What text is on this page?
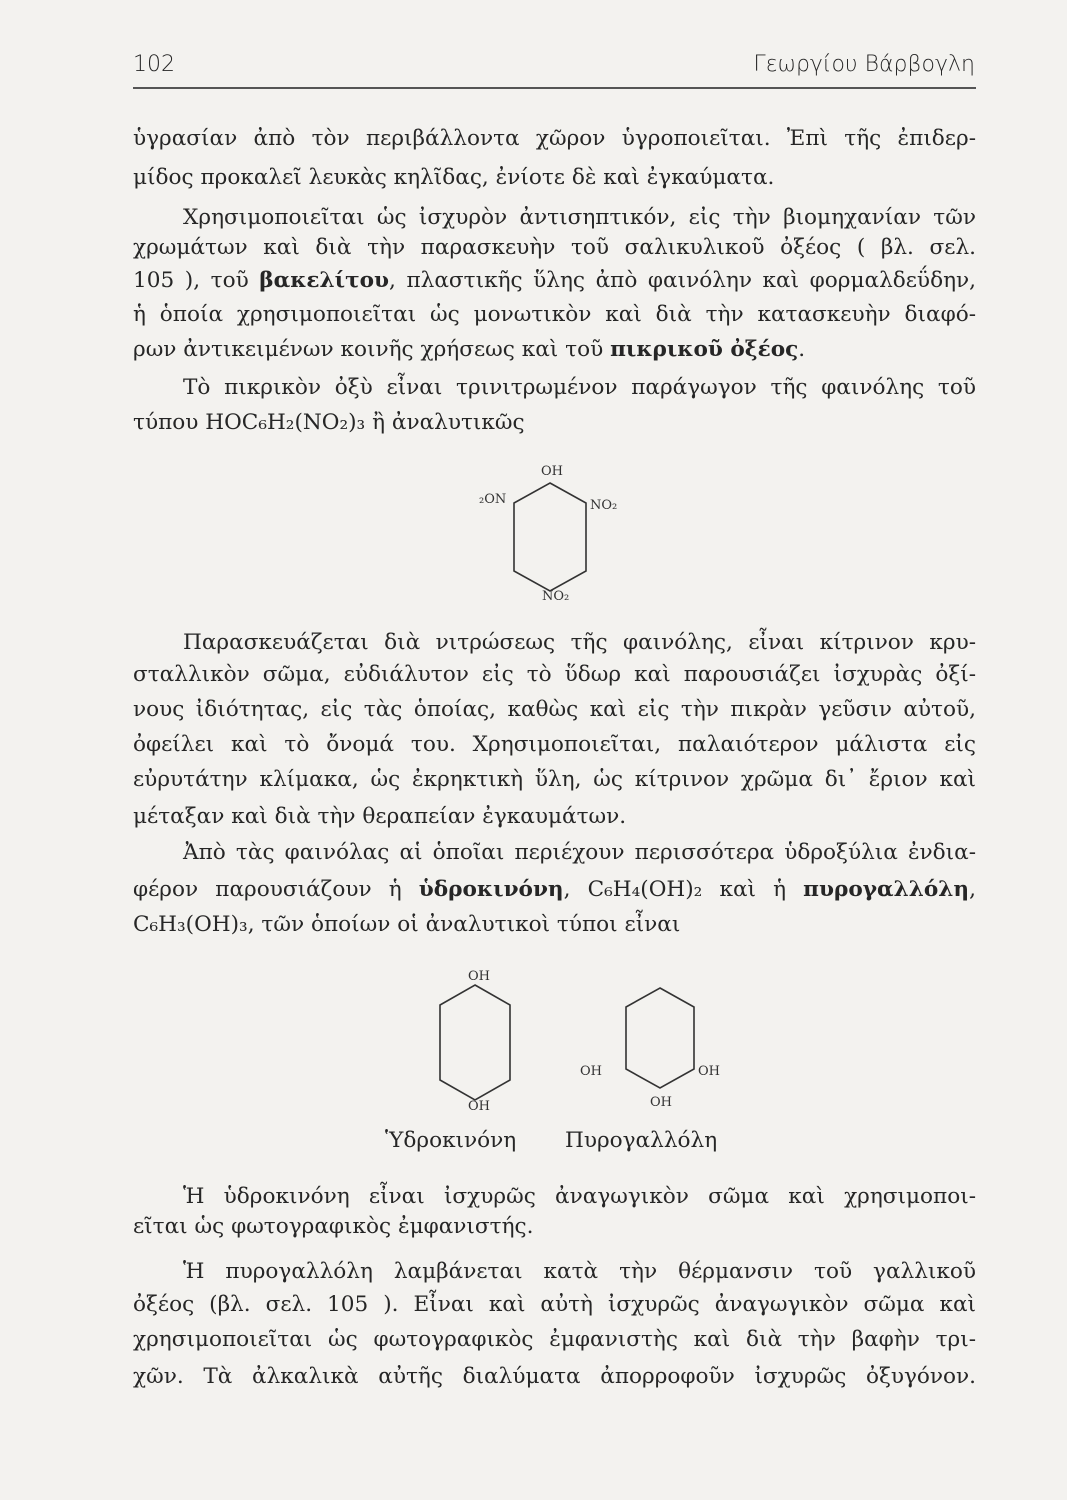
102	Γεωργίου Βάρβογλη
ὑγρασίαν ἀπὸ τὸν περιβάλλοντα χῶρον ὑγροποιεῖται. Ἐπὶ τῆς ἐπιδερ-
μίδος προκαλεῖ λευκὰς κηλῖδας, ἐνίοτε δὲ καὶ ἐγκαύματα.
Χρησιμοποιεῖται ὡς ἰσχυρὸν ἀντισηπτικόν, εἰς τὴν βιομηχανίαν τῶν
χρωμάτων καὶ διὰ τὴν παρασκευὴν τοῦ σαλικυλικοῦ ὀξέος ( βλ. σελ.
105 ), τοῦ βακελίτου, πλαστικῆς ὕλης ἀπὸ φαινόλην καὶ φορμαλδεΰδην,
ἡ ὁποία χρησιμοποιεῖται ὡς μονωτικὸν καὶ διὰ τὴν κατασκευὴν διαφό-
ρων ἀντικειμένων κοινῆς χρήσεως καὶ τοῦ πικρικοῦ ὀξέος.
Τὸ πικρικὸν ὀξὺ εἶναι τρινιτρωμένον παράγωγον τῆς φαινόλης τοῦ
τύπου HOC₆H₂(NO₂)₃ ἢ ἀναλυτικῶς
OH
₂ON	NO₂
NO₂
Παρασκευάζεται διὰ νιτρώσεως τῆς φαινόλης, εἶναι κίτρινον κρυ-
σταλλικὸν σῶμα, εὐδιάλυτον εἰς τὸ ὕδωρ καὶ παρουσιάζει ἰσχυρὰς ὀξί-
νους ἰδιότητας, εἰς τὰς ὁποίας, καθὼς καὶ εἰς τὴν πικρὰν γεῦσιν αὐτοῦ,
ὀφείλει καὶ τὸ ὄνομά του. Χρησιμοποιεῖται, παλαιότερον μάλιστα εἰς
εὐρυτάτην κλίμακα, ὡς ἐκρηκτικὴ ὕλη, ὡς κίτρινον χρῶμα δι᾽ ἔριον καὶ
μέταξαν καὶ διὰ τὴν θεραπείαν ἐγκαυμάτων.
Ἀπὸ τὰς φαινόλας αἱ ὁποῖαι περιέχουν περισσότερα ὑδροξύλια ἐνδια-
φέρον παρουσιάζουν ἡ ὑδροκινόνη, C₆H₄(OH)₂ καὶ ἡ πυρογαλλόλη,
C₆H₃(OH)₃, τῶν ὁποίων οἱ ἀναλυτικοὶ τύποι εἶναι
OH
OH
OH	OH
OH
Ὑδροκινόνη Πυρογαλλόλη
Ἡ ὑδροκινόνη εἶναι ἰσχυρῶς ἀναγωγικὸν σῶμα καὶ χρησιμοποι-
εῖται ὡς φωτογραφικὸς ἐμφανιστής.
Ἡ πυρογαλλόλη λαμβάνεται κατὰ τὴν θέρμανσιν τοῦ γαλλικοῦ
ὀξέος (βλ. σελ. 105 ). Εἶναι καὶ αὐτὴ ἰσχυρῶς ἀναγωγικὸν σῶμα καὶ
χρησιμοποιεῖται ὡς φωτογραφικὸς ἐμφανιστὴς καὶ διὰ τὴν βαφὴν τρι-
χῶν. Τὰ ἀλκαλικὰ αὐτῆς διαλύματα ἀπορροφοῦν ἰσχυρῶς ὀξυγόνον.
